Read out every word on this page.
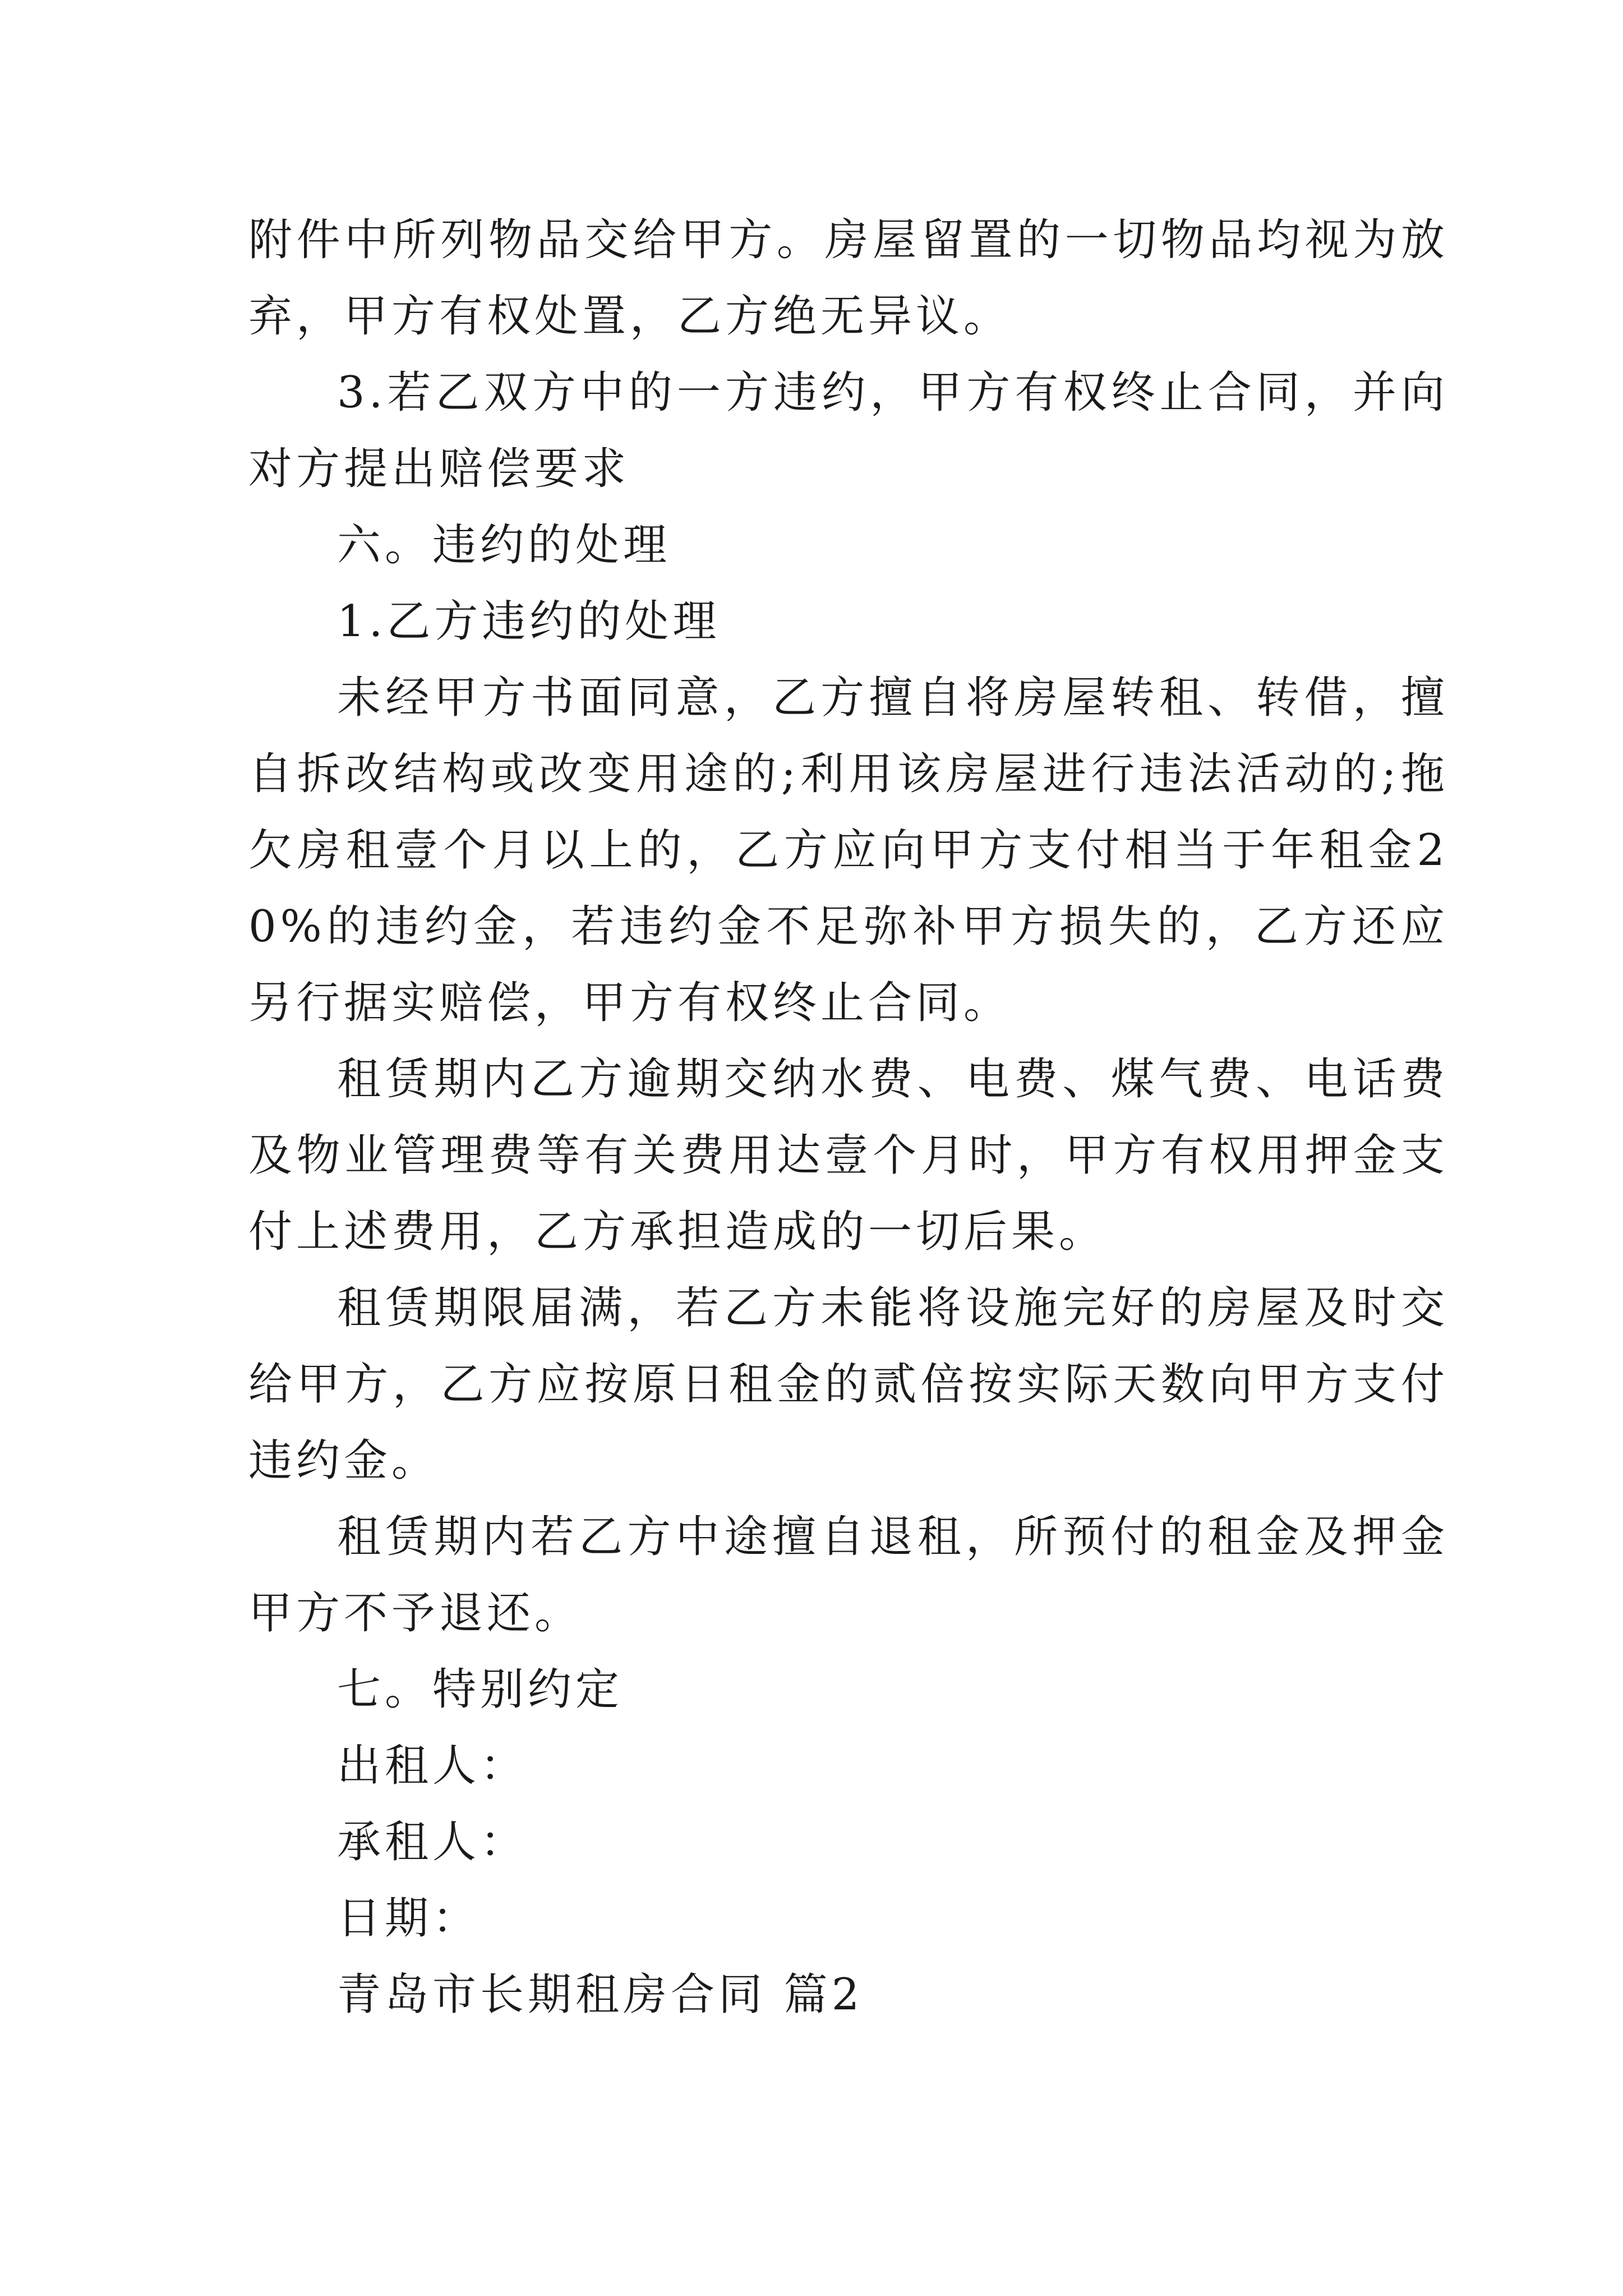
附件中所列物品交给甲方。房屋留置的一切物品均视为放弃，甲方有权处置，乙方绝无异议。

3.若乙双方中的一方违约，甲方有权终止合同，并向对方提出赔偿要求

六。违约的处理

1.乙方违约的处理

未经甲方书面同意，乙方擅自将房屋转租、转借，擅自拆改结构或改变用途的;利用该房屋进行违法活动的;拖欠房租壹个月以上的，乙方应向甲方支付相当于年租金20%的违约金，若违约金不足弥补甲方损失的，乙方还应另行据实赔偿，甲方有权终止合同。

租赁期内乙方逾期交纳水费、电费、煤气费、电话费及物业管理费等有关费用达壹个月时，甲方有权用押金支付上述费用，乙方承担造成的一切后果。

租赁期限届满，若乙方未能将设施完好的房屋及时交给甲方，乙方应按原日租金的贰倍按实际天数向甲方支付违约金。

租赁期内若乙方中途擅自退租，所预付的租金及押金甲方不予退还。

七。特别约定

出租人：

承租人：

日期：

青岛市长期租房合同 篇2
